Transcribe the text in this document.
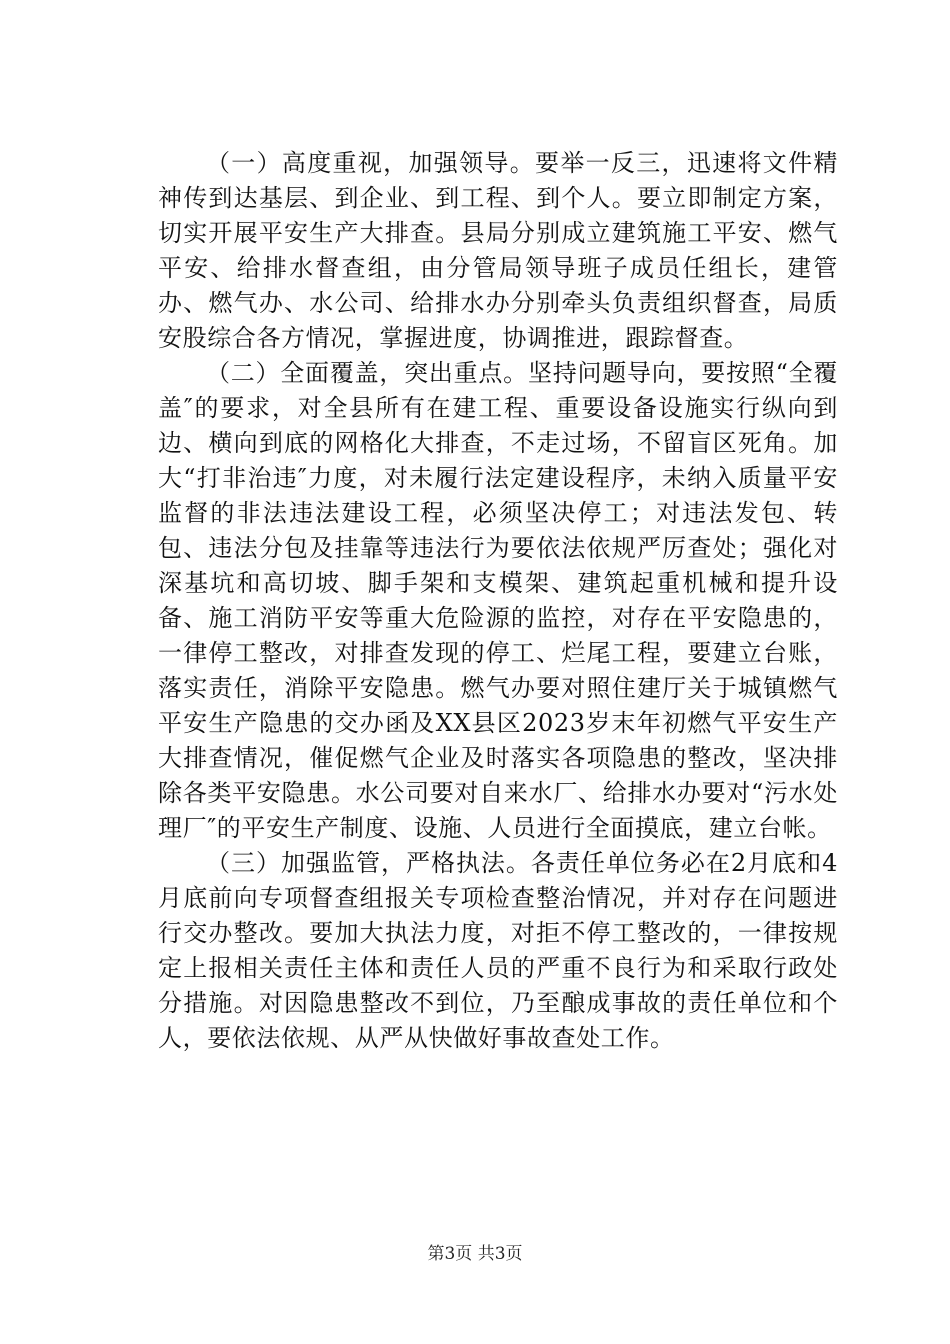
（一）高度重视，加强领导。要举一反三，迅速将文件精神传到达基层、到企业、到工程、到个人。要立即制定方案，切实开展平安生产大排查。县局分别成立建筑施工平安、燃气平安、给排水督查组，由分管局领导班子成员任组长，建管办、燃气办、水公司、给排水办分别牵头负责组织督查，局质安股综合各方情况，掌握进度，协调推进，跟踪督查。

（二）全面覆盖，突出重点。坚持问题导向，要按照“全覆盖″的要求，对全县所有在建工程、重要设备设施实行纵向到边、横向到底的网格化大排查，不走过场，不留盲区死角。加大“打非治违″力度，对未履行法定建设程序，未纳入质量平安监督的非法违法建设工程，必须坚决停工；对违法发包、转包、违法分包及挂靠等违法行为要依法依规严厉查处；强化对深基坑和高切坡、脚手架和支模架、建筑起重机械和提升设备、施工消防平安等重大危险源的监控，对存在平安隐患的，一律停工整改，对排查发现的停工、烂尾工程，要建立台账，落实责任，消除平安隐患。燃气办要对照住建厅关于城镇燃气平安生产隐患的交办函及XX县区2023岁末年初燃气平安生产大排查情况，催促燃气企业及时落实各项隐患的整改，坚决排除各类平安隐患。水公司要对自来水厂、给排水办要对“污水处理厂″的平安生产制度、设施、人员进行全面摸底，建立台帐。

（三）加强监管，严格执法。各责任单位务必在2月底和4月底前向专项督查组报关专项检查整治情况，并对存在问题进行交办整改。要加大执法力度，对拒不停工整改的，一律按规定上报相关责任主体和责任人员的严重不良行为和采取行政处分措施。对因隐患整改不到位，乃至酿成事故的责任单位和个人，要依法依规、从严从快做好事故查处工作。

第3页 共3页
